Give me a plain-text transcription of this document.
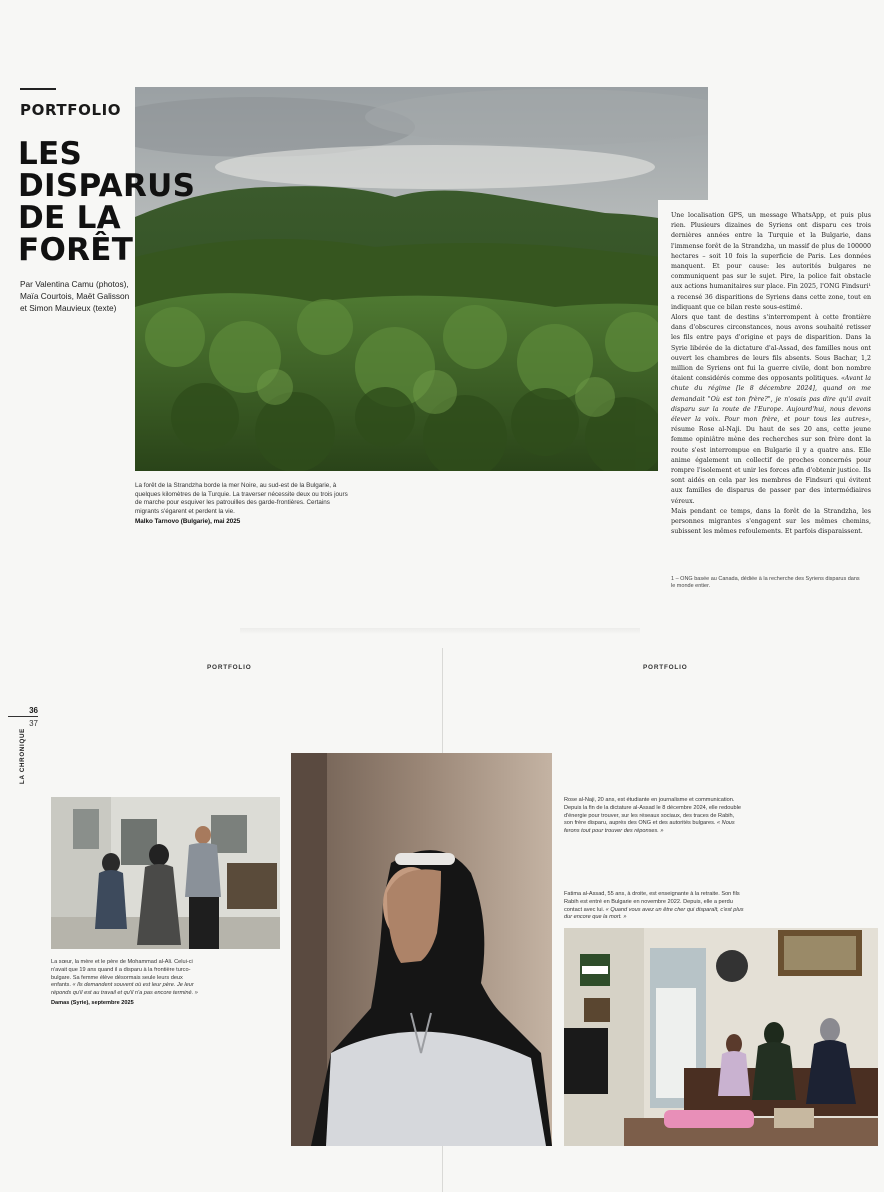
PORTFOLIO
LES
DISPARUS
DE LA
FORÊT
Par Valentina Camu (photos),
Maïa Courtois, Maët Galisson
et Simon Mauvieux (texte)

Une localisation GPS, un message WhatsApp, et puis plus rien. Plusieurs dizaines de Syriens ont disparu ces trois dernières années entre la Turquie et la Bulgarie, dans l'immense forêt de la Strandzha, un massif de plus de 100000 hectares – soit 10 fois la superficie de Paris. Les données manquent. Et pour cause: les autorités bulgares ne communiquent pas sur le sujet. Pire, la police fait obstacle aux actions humanitaires sur place. Fin 2025, l'ONG Findsuri¹ a recensé 36 disparitions de Syriens dans cette zone, tout en indiquant que ce bilan reste sous-estimé.

Alors que tant de destins s'interrompent à cette frontière dans d'obscures circonstances, nous avons souhaité retisser les fils entre pays d'origine et pays de disparition. Dans la Syrie libérée de la dictature d'al-Assad, des familles nous ont ouvert les chambres de leurs fils absents. Sous Bachar, 1,2 million de Syriens ont fui la guerre civile, dont bon nombre étaient considérés comme des opposants politiques. «Avant la chute du régime [le 8 décembre 2024], quand on me demandait "Où est ton frère?", je n'osais pas dire qu'il avait disparu sur la route de l'Europe. Aujourd'hui, nous devons élever la voix. Pour mon frère, et pour tous les autres», résume Rose al-Naji. Du haut de ses 20 ans, cette jeune femme opiniâtre mène des recherches sur son frère dont la route s'est interrompue en Bulgarie il y a quatre ans. Elle anime également un collectif de proches concernés pour rompre l'isolement et unir les forces afin d'obtenir justice. Ils sont aidés en cela par les membres de Findsuri qui évitent aux familles de disparus de passer par des intermédiaires véreux.

Mais pendant ce temps, dans la forêt de la Strandzha, les personnes migrantes s'engagent sur les mêmes chemins, subissent les mêmes refoulements. Et parfois disparaissent.

1 – ONG basée au Canada, dédiée à la recherche des Syriens disparus dans le monde entier.
La forêt de la Strandzha borde la mer Noire, au sud-est de la Bulgarie, à quelques kilomètres de la Turquie. La traverser nécessite deux ou trois jours de marche pour esquiver les patrouilles des garde-frontières. Certains migrants s'égarent et perdent la vie.
Malko Tarnovo (Bulgarie), mai 2025
PORTFOLIO	PORTFOLIO
36
37
LA CHRONIQUE
La sœur, la mère et le père de Mohammad al-Ali. Celui-ci n'avait que 19 ans quand il a disparu à la frontière turco-bulgare. Sa femme élève désormais seule leurs deux enfants. « Ils demandent souvent où est leur père. Je leur réponds qu'il est au travail et qu'il n'a pas encore terminé. »
Damas (Syrie), septembre 2025
Rose al-Naji, 20 ans, est étudiante en journalisme et communication. Depuis la fin de la dictature al-Assad le 8 décembre 2024, elle redouble d'énergie pour trouver, sur les réseaux sociaux, des traces de Rabih, son frère disparu, auprès des ONG et des autorités bulgares. « Nous ferons tout pour trouver des réponses. »
Fatima al-Assad, 55 ans, à droite, est enseignante à la retraite. Son fils Rabih est entré en Bulgarie en novembre 2022. Depuis, elle a perdu contact avec lui. « Quand vous avez un être cher qui disparaît, c'est plus dur encore que la mort. »
